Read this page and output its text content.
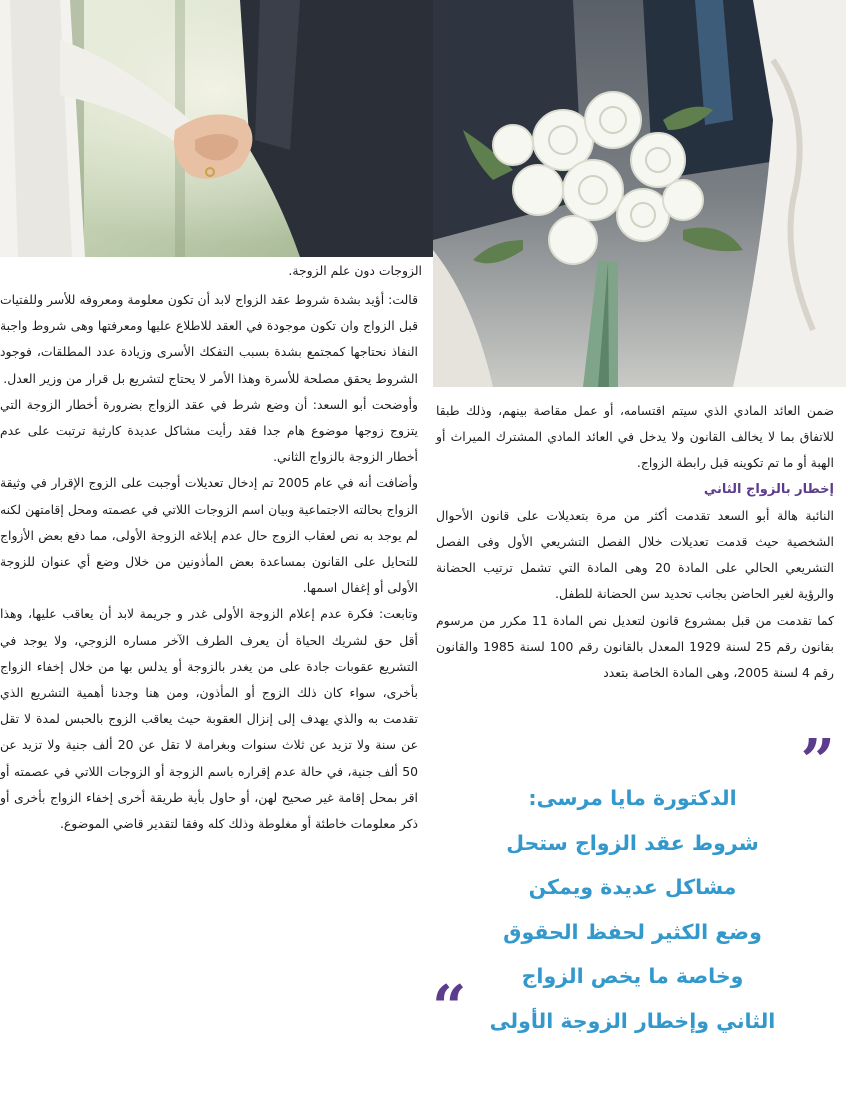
الزوجات دون علم الزوجة.

قالت: أؤيد بشدة شروط عقد الزواج لابد أن تكون معلومة ومعروفه للأسر وللفتيات قبل الزواج وان تكون موجودة في العقد للاطلاع عليها ومعرفتها وهى شروط واجبة النفاذ نحتاجها كمجتمع بشدة بسبب التفكك الأسرى وزيادة عدد المطلقات، فوجود الشروط يحقق مصلحة للأسرة وهذا الأمر لا يحتاج لتشريع بل قرار من وزير العدل.

وأوضحت أبو السعد: أن وضع شرط في عقد الزواج بضرورة أخطار الزوجة التي يتزوج زوجها موضوع هام جدا فقد رأيت مشاكل عديدة كارثية ترتبت على عدم أخطار الزوجة بالزواج الثاني.

وأضافت أنه في عام 2005 تم إدخال تعديلات أوجبت على الزوج الإقرار في وثيقة الزواج بحالته الاجتماعية وبيان اسم الزوجات اللاتي في عصمته ومحل إقامتهن لكنه لم يوجد به نص لعقاب الزوج حال عدم إبلاغه الزوجة الأولى، مما دفع بعض الأزواج للتحايل على القانون بمساعدة بعض المأذونين من خلال وضع أي عنوان للزوجة الأولى أو إغفال اسمها.

وتابعت: فكرة عدم إعلام الزوجة الأولى غدر و جريمة لابد أن يعاقب عليها، وهذا أقل حق لشريك الحياة أن يعرف الطرف الآخر مساره الزوجي، ولا يوجد في التشريع عقوبات جادة على من يغدر بالزوجة أو يدلس بها من خلال إخفاء الزواج بأخرى، سواء كان ذلك الزوج أو المأذون، ومن هنا وجدنا أهمية التشريع الذي تقدمت به والذي يهدف إلى إنزال العقوبة حيث يعاقب الزوج بالحبس لمدة لا تقل عن سنة ولا تزيد عن ثلاث سنوات وبغرامة لا تقل عن 20 ألف جنية ولا تزيد عن 50 ألف جنية، في حالة عدم إقراره باسم الزوجة أو الزوجات اللاتي في عصمته أو اقر بمحل إقامة غير صحيح لهن، أو حاول بأية طريقة أخرى إخفاء الزواج بأخرى أو ذكر معلومات خاطئة أو مغلوطة وذلك كله وفقا لتقدير قاضي الموضوع.

ضمن العائد المادي الذي سيتم اقتسامه، أو عمل مقاصة بينهم، وذلك طبقا للاتفاق بما لا يخالف القانون ولا يدخل في العائد المادي المشترك الميراث أو الهبة أو ما تم تكوينه قبل رابطة الزواج.

إخطار بالزواج الثاني

النائبة هالة أبو السعد تقدمت أكثر من مرة بتعديلات على قانون الأحوال الشخصية حيث قدمت تعديلات خلال الفصل التشريعي الأول وفى الفصل التشريعي الحالي على المادة 20 وهى المادة التي تشمل ترتيب الحضانة والرؤية لغير الحاضن بجانب تحديد سن الحضانة للطفل.

كما تقدمت من قبل بمشروع قانون لتعديل نص المادة 11 مكرر من مرسوم بقانون رقم 25 لسنة 1929 المعدل بالقانون رقم 100 لسنة 1985 والقانون رقم 4 لسنة 2005، وهى المادة الخاصة بتعدد

”
الدكتورة مايا مرسى:
شروط عقد الزواج ستحل
مشاكل عديدة ويمكن
وضع الكثير لحفظ الحقوق
وخاصة ما يخص الزواج
الثاني وإخطار الزوجة الأولى
“
